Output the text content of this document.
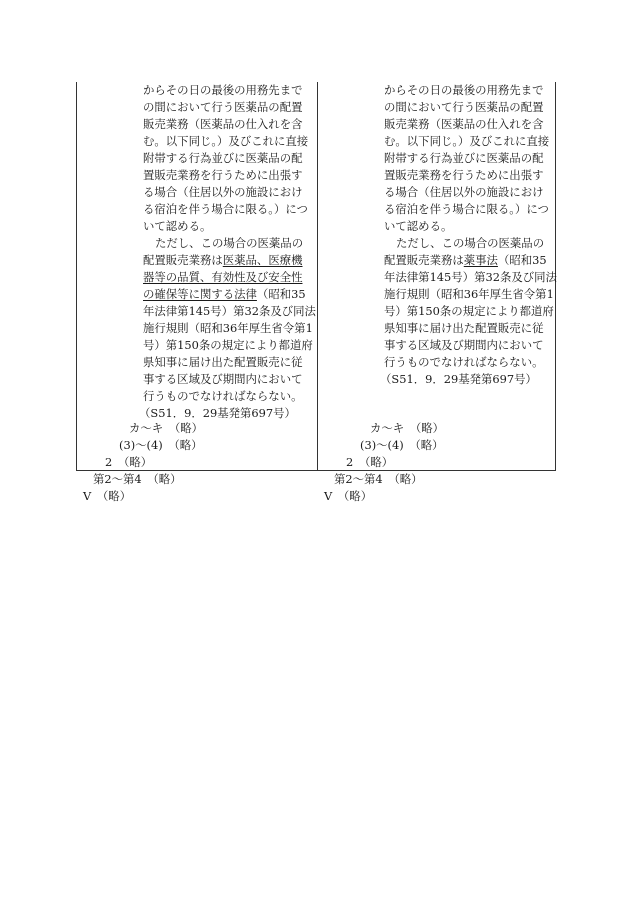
からその日の最後の用務先まで
の間において行う医薬品の配置
販売業務（医薬品の仕入れを含
む。以下同じ。）及びこれに直接
附帯する行為並びに医薬品の配
置販売業務を行うために出張す
る場合（住居以外の施設におけ
る宿泊を伴う場合に限る。）につ
いて認める。
ただし、この場合の医薬品の
配置販売業務は医薬品、医療機
器等の品質、有効性及び安全性
の確保等に関する法律（昭和35
年法律第145号）第32条及び同法
施行規則（昭和36年厚生省令第1
号）第150条の規定により都道府
県知事に届け出た配置販売に従
事する区域及び期間内において
行うものでなければならない。
（S51．9．29基発第697号）
カ～キ　（略）
(3)～(4)　（略）
2　（略）
第2～第4　（略）
V　（略）
からその日の最後の用務先まで
の間において行う医薬品の配置
販売業務（医薬品の仕入れを含
む。以下同じ。）及びこれに直接
附帯する行為並びに医薬品の配
置販売業務を行うために出張す
る場合（住居以外の施設におけ
る宿泊を伴う場合に限る。）につ
いて認める。
ただし、この場合の医薬品の
配置販売業務は薬事法（昭和35
年法律第145号）第32条及び同法
施行規則（昭和36年厚生省令第1
号）第150条の規定により都道府
県知事に届け出た配置販売に従
事する区域及び期間内において
行うものでなければならない。
（S51．9．29基発第697号）
カ～キ　（略）
(3)～(4)　（略）
2　（略）
第2～第4　（略）
V　（略）
